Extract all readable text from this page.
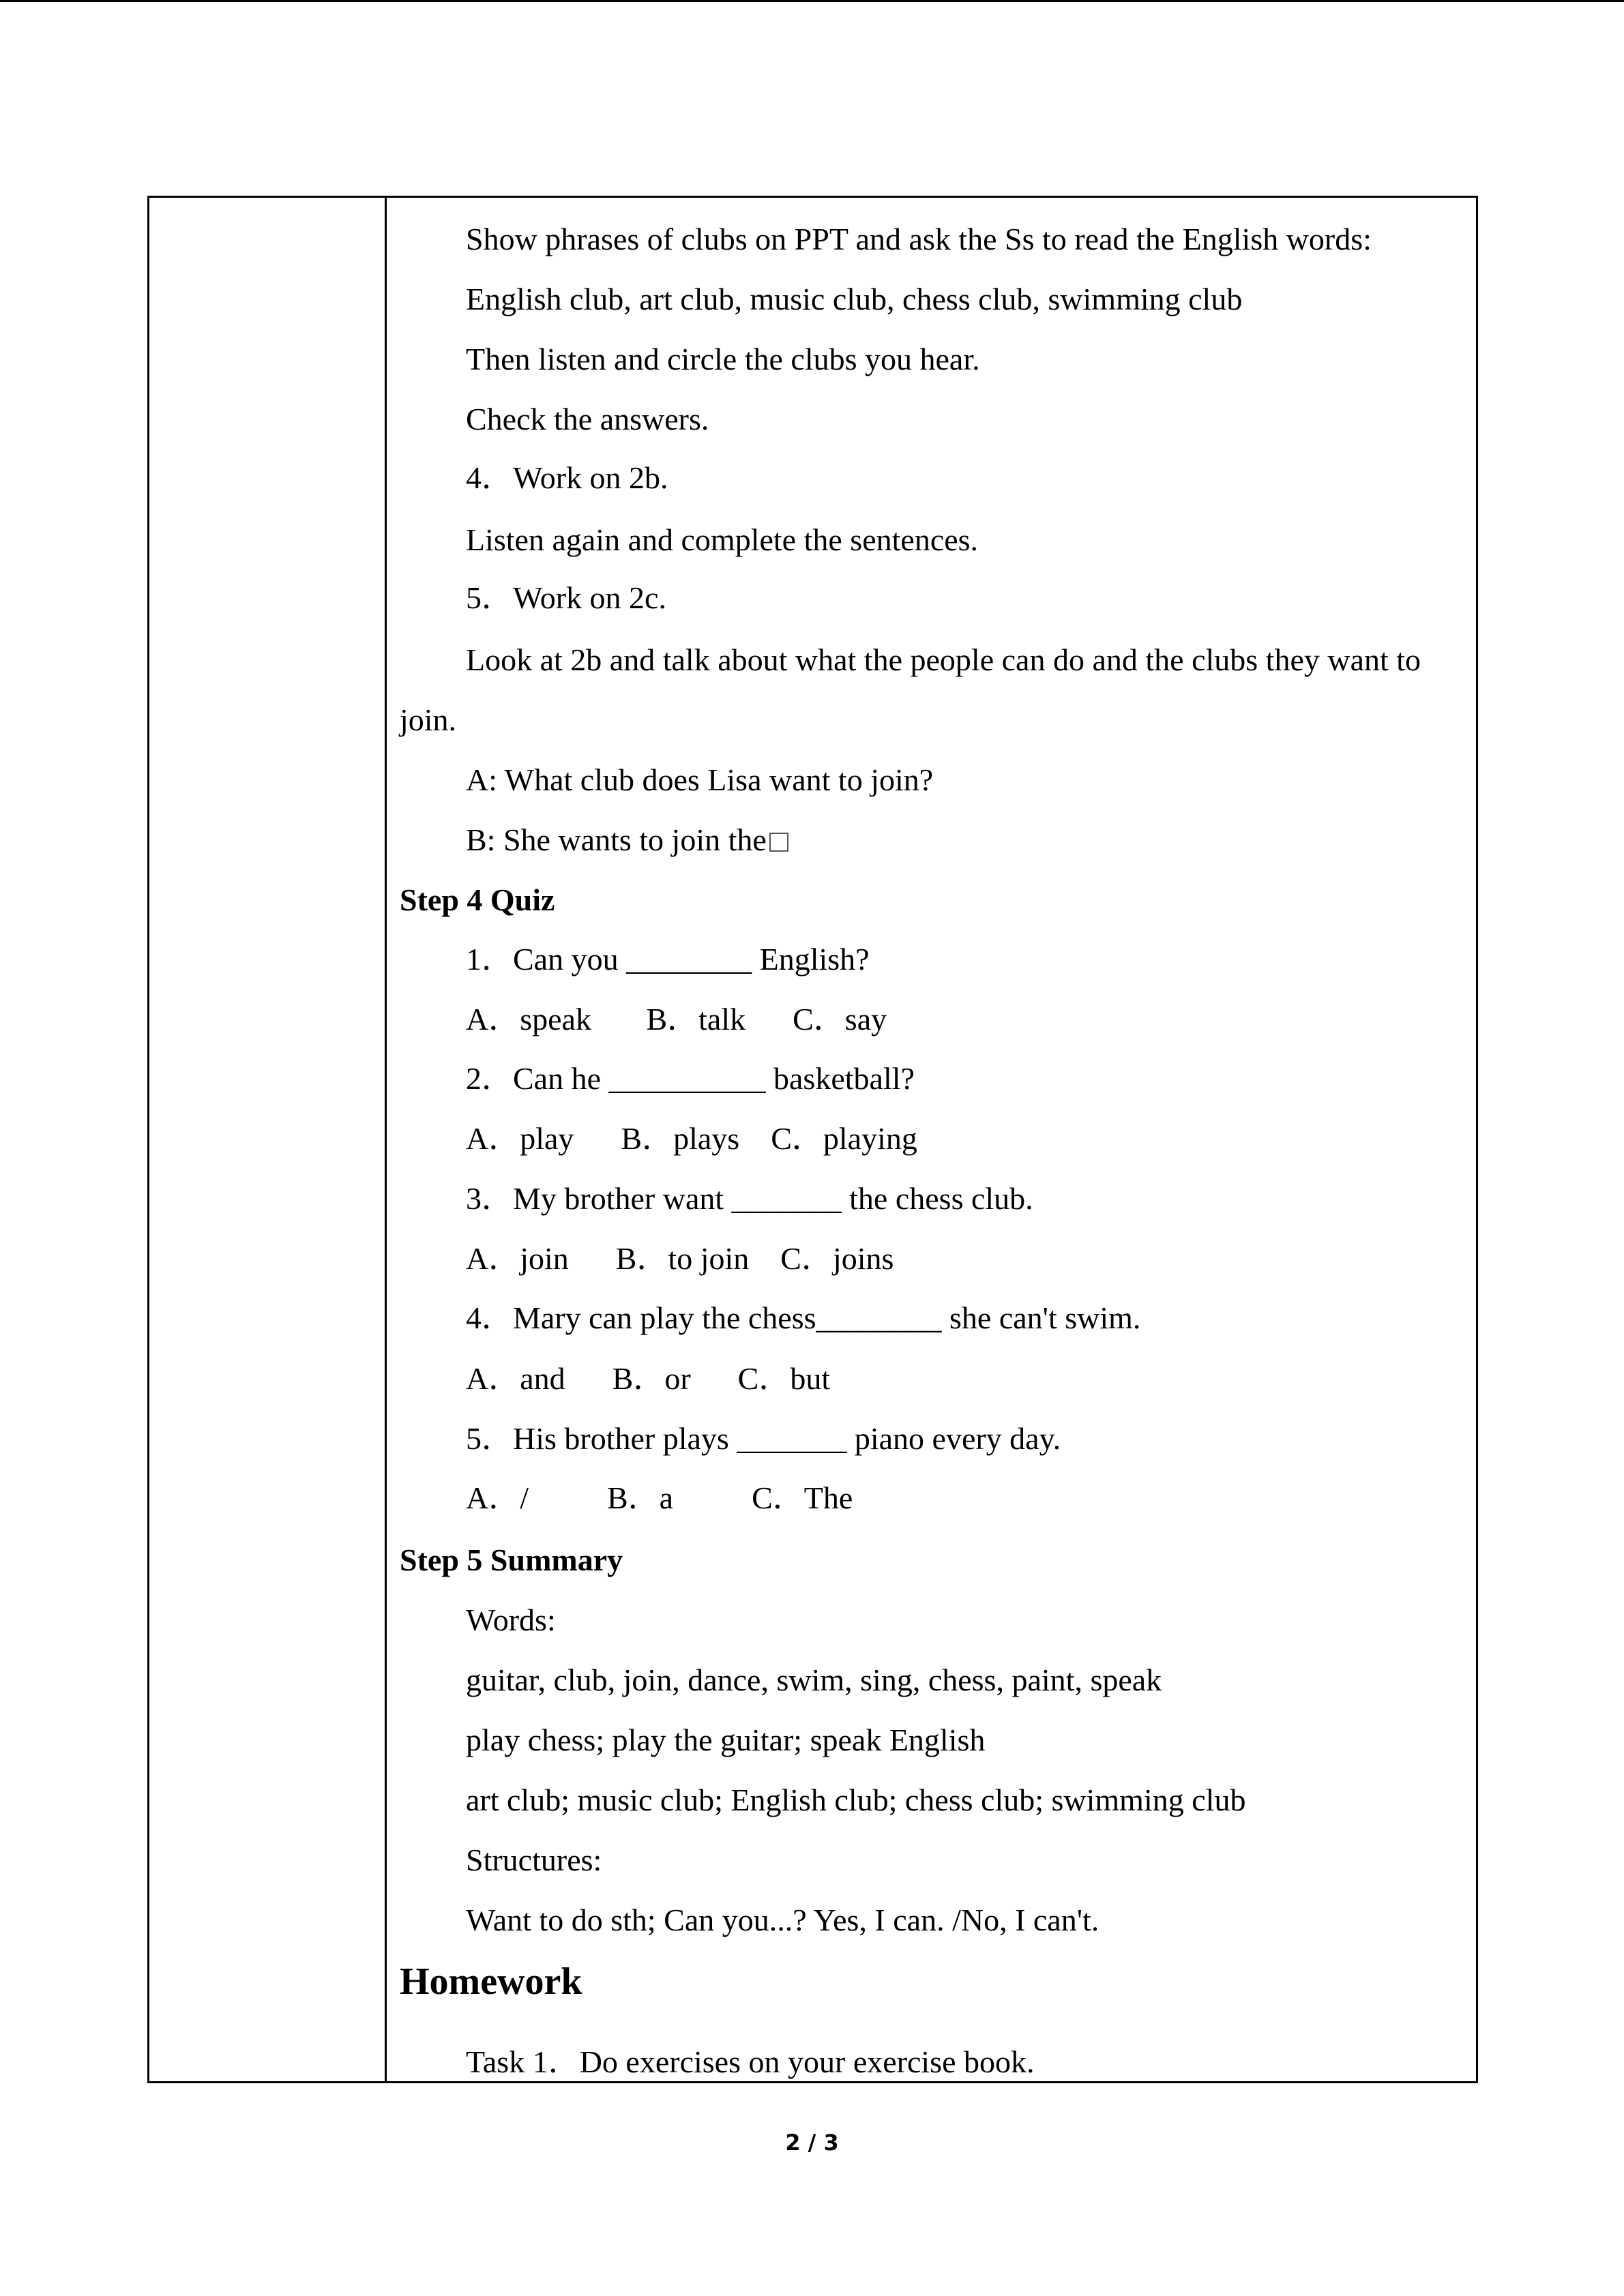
Show phrases of clubs on PPT and ask the Ss to read the English words:
English club, art club, music club, chess club, swimming club
Then listen and circle the clubs you hear.
Check the answers.
4．Work on 2b.
Listen again and complete the sentences.
5．Work on 2c.
Look at 2b and talk about what the people can do and the clubs they want to
join.
A: What club does Lisa want to join?
B: She wants to join the
Step 4 Quiz
1．Can you ________ English?
A．speak       B．talk      C．say
2．Can he __________ basketball?
A．play      B．plays    C．playing
3．My brother want _______ the chess club.
A．join      B．to join    C．joins
4．Mary can play the chess________ she can't swim.
A．and      B．or      C．but
5．His brother plays _______ piano every day.
A．/          B．a          C．The
Step 5 Summary
Words:
guitar, club, join, dance, swim, sing, chess, paint, speak
play chess; play the guitar; speak English
art club; music club; English club; chess club; swimming club
Structures:
Want to do sth; Can you...? Yes, I can. /No, I can't.
Homework
Task 1．Do exercises on your exercise book.
2 / 3
